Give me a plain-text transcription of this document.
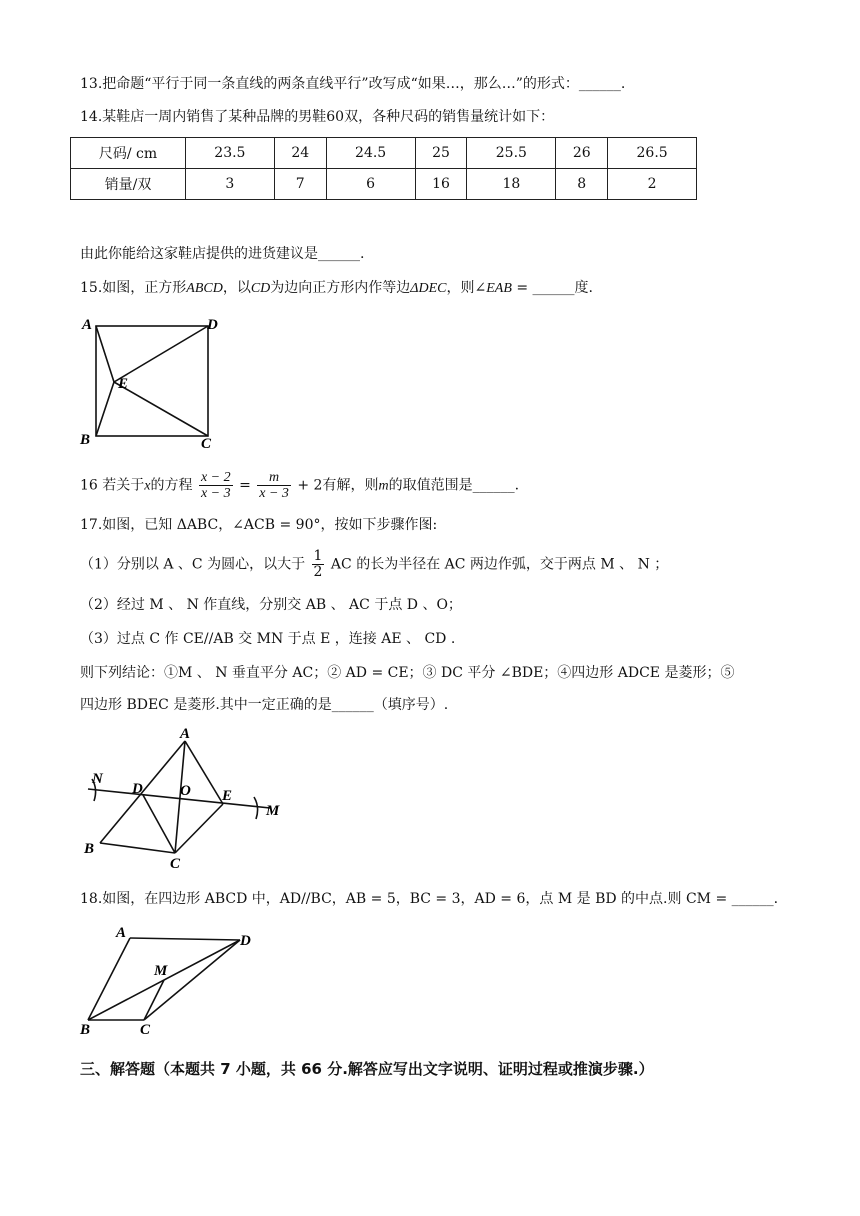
13.把命题“平行于同一条直线的两条直线平行”改写成“如果…，那么…”的形式：______.
14.某鞋店一周内销售了某种品牌的男鞋60双，各种尺码的销售量统计如下：
尺码/ cm	23.5	24	24.5	25	25.5	26	26.5
销量/双	3	7	6	16	18	8	2
由此你能给这家鞋店提供的进货建议是______.
15.如图，正方形ABCD，以CD为边向正方形内作等边ΔDEC，则∠EAB = ______度.
A	D
E
B	C
16 若关于x的方程 $\frac{x - 2}{x - 3} = \frac{m}{x - 3} + 2$有解，则m的取值范围是______.
17.如图，已知 ΔABC，∠ACB = 90°，按如下步骤作图:
（1）分别以 A 、C 为圆心，以大于 $\frac{1}{2}$ AC 的长为半径在 AC 两边作弧，交于两点 M 、 N ；
（2）经过 M 、 N 作直线，分别交 AB 、 AC 于点 D 、O；
（3）过点 C 作 CE//AB 交 MN 于点 E ，连接 AE 、 CD .
则下列结论：①M 、 N 垂直平分 AC；② AD = CE；③ DC 平分 ∠BDE；④四边形 ADCE 是菱形；⑤
四边形 BDEC 是菱形.其中一定正确的是______（填序号）.
A
N
D O E
M
B
C
18.如图，在四边形 ABCD 中，AD//BC，AB = 5，BC = 3，AD = 6，点 M 是 BD 的中点.则 CM = ______.
A	D
M
B	C
三、解答题（本题共 7 小题，共 66 分.解答应写出文字说明、证明过程或推演步骤.）
